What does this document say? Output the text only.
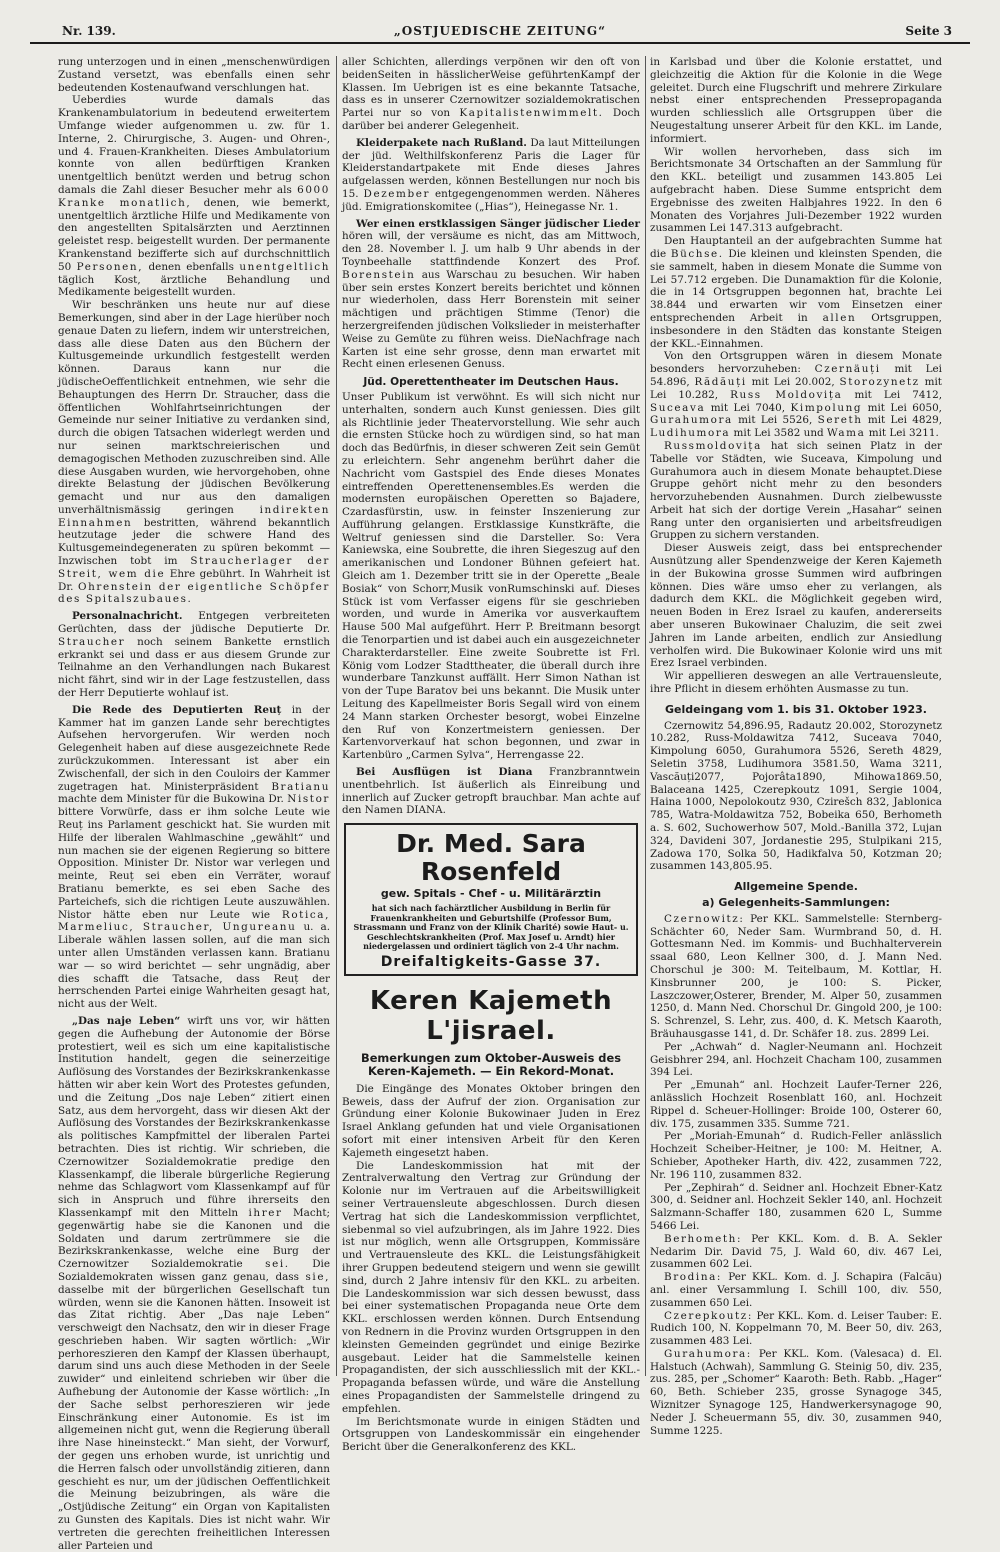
Nr. 139.	„OSTJUEDISCHE ZEITUNG“	Seite 3

rung unterzogen und in einen „menschenwürdigen Zustand versetzt, was ebenfalls einen sehr bedeutenden Kostenaufwand verschlungen hat.

Ueberdies wurde damals das Krankenambulatorium in bedeutend erweitertem Umfange wieder aufgenommen u. zw. für 1. Interne, 2. Chirurgische, 3. Augen- und Ohren-, und 4. Frauen-Krankheiten. Dieses Ambulatorium konnte von allen bedürftigen Kranken unentgeltlich benützt werden und betrug schon damals die Zahl dieser Besucher mehr als 6000 Kranke monatlich, denen, wie bemerkt, unentgeltlich ärztliche Hilfe und Medikamente von den angestellten Spitalsärzten und Aerztinnen geleistet resp. beigestellt wurden. Der permanente Krankenstand bezifferte sich auf durchschnittlich 50 Personen, denen ebenfalls unentgeltlich täglich Kost, ärztliche Behandlung und Medikamente beigestellt wurden.

Wir beschränken uns heute nur auf diese Bemerkungen, sind aber in der Lage hierüber noch genaue Daten zu liefern, indem wir unterstreichen, dass alle diese Daten aus den Büchern der Kultusgemeinde urkundlich festgestellt werden können. Daraus kann nur die jüdischeOeffentlichkeit entnehmen, wie sehr die Behauptungen des Herrn Dr. Straucher, dass die öffentlichen Wohlfahrtseinrichtungen der Gemeinde nur seiner Initiative zu verdanken sind, durch die obigen Tatsachen widerlegt werden und nur seinen marktschreierischen und demagogischen Methoden zuzuschreiben sind. Alle diese Ausgaben wurden, wie hervorgehoben, ohne direkte Belastung der jüdischen Bevölkerung gemacht und nur aus den damaligen unverhältnismässig geringen indirekten Einnahmen bestritten, während bekanntlich heutzutage jeder die schwere Hand des Kultusgemeindegeneraten zu spüren bekommt — Inzwischen tobt im Straucherlager der Streit, wem die Ehre gebührt. In Wahrheit ist Dr. Ohrenstein der eigentliche Schöpfer des Spitalszubaues.

Personalnachricht. Entgegen verbreiteten Gerüchten, dass der jüdische Deputierte Dr. Straucher noch seinem Bankette ernstlich erkrankt sei und dass er aus diesem Grunde zur Teilnahme an den Verhandlungen nach Bukarest nicht fährt, sind wir in der Lage festzustellen, dass der Herr Deputierte wohlauf ist.

Die Rede des Deputierten Reuț in der Kammer hat im ganzen Lande sehr berechtigtes Aufsehen hervorgerufen. Wir werden noch Gelegenheit haben auf diese ausgezeichnete Rede zurückzukommen. Interessant ist aber ein Zwischenfall, der sich in den Couloirs der Kammer zugetragen hat. Ministerpräsident Bratianu machte dem Minister für die Bukowina Dr. Nistor bittere Vorwürfe, dass er ihm solche Leute wie Reuț ins Parlament geschickt hat. Sie wurden mit Hilfe der liberalen Wahlmaschine „gewählt“ und nun machen sie der eigenen Regierung so bittere Opposition. Minister Dr. Nistor war verlegen und meinte, Reuț sei eben ein Verräter, worauf Bratianu bemerkte, es sei eben Sache des Parteichefs, sich die richtigen Leute auszuwählen. Nistor hätte eben nur Leute wie Rotica, Marmeliuc, Straucher, Ungureanu u. a. Liberale wählen lassen sollen, auf die man sich unter allen Umständen verlassen kann. Bratianu war — so wird berichtet — sehr ungnädig, aber dies schafft die Tatsache, dass Reuț der herrschenden Partei einige Wahrheiten gesagt hat, nicht aus der Welt.

„Das naje Leben“ wirft uns vor, wir hätten gegen die Aufhebung der Autonomie der Börse protestiert, weil es sich um eine kapitalistische Institution handelt, gegen die seinerzeitige Auflösung des Vorstandes der Bezirkskrankenkasse hätten wir aber kein Wort des Protestes gefunden, und die Zeitung „Dos naje Leben“ zitiert einen Satz, aus dem hervorgeht, dass wir diesen Akt der Auflösung des Vorstandes der Bezirkskrankenkasse als politisches Kampfmittel der liberalen Partei betrachten. Dies ist richtig. Wir schrieben, die Czernowitzer Sozialdemokratie predige den Klassenkampf, die liberale bürgerliche Regierung nehme das Schlagwort vom Klassenkampf auf für sich in Anspruch und führe ihrerseits den Klassenkampf mit den Mitteln ihrer Macht; gegenwärtig habe sie die Kanonen und die Soldaten und darum zertrümmere sie die Bezirkskrankenkasse, welche eine Burg der Czernowitzer Sozialdemokratie sei. Die Sozialdemokraten wissen ganz genau, dass sie, dasselbe mit der bürgerlichen Gesellschaft tun würden, wenn sie die Kanonen hätten. Insoweit ist das Zitat richtig. Aber „Das naje Leben“ verschweigt den Nachsatz, den wir in dieser Frage geschrieben haben. Wir sagten wörtlich: „Wir perhoreszieren den Kampf der Klassen überhaupt, darum sind uns auch diese Methoden in der Seele zuwider“ und einleitend schrieben wir über die Aufhebung der Autonomie der Kasse wörtlich: „In der Sache selbst perhoreszieren wir jede Einschränkung einer Autonomie. Es ist im allgemeinen nicht gut, wenn die Regierung überall ihre Nase hineinsteckt.“ Man sieht, der Vorwurf, der gegen uns erhoben wurde, ist unrichtig und die Herren falsch oder unvollständig zitieren, dann geschieht es nur, um der jüdischen Oeffentlichkeit die Meinung beizubringen, als wäre die „Ostjüdische Zeitung“ ein Organ von Kapitalisten zu Gunsten des Kapitals. Dies ist nicht wahr. Wir vertreten die gerechten freiheitlichen Interessen aller Parteien und

aller Schichten, allerdings verpönen wir den oft von beidenSeiten in hässlicherWeise geführtenKampf der Klassen. Im Uebrigen ist es eine bekannte Tatsache, dass es in unserer Czernowitzer sozialdemokratischen Partei nur so von Kapitalistenwimmelt. Doch darüber bei anderer Gelegenheit.

Kleiderpakete nach Rußland. Da laut Mitteilungen der jüd. Welthilfskonferenz Paris die Lager für Kleiderstandartpakete mit Ende dieses Jahres aufgelassen werden, können Bestellungen nur noch bis 15. Dezember entgegengenommen werden. Näheres jüd. Emigrationskomitee („Hias“), Heinegasse Nr. 1.

Wer einen erstklassigen Sänger jüdischer Lieder hören will, der versäume es nicht, das am Mittwoch, den 28. November l. J. um halb 9 Uhr abends in der Toynbeehalle stattfindende Konzert des Prof. Borenstein aus Warschau zu besuchen. Wir haben über sein erstes Konzert bereits berichtet und können nur wiederholen, dass Herr Borenstein mit seiner mächtigen und prächtigen Stimme (Tenor) die herzergreifenden jüdischen Volkslieder in meisterhafter Weise zu Gemüte zu führen weiss. DieNachfrage nach Karten ist eine sehr grosse, denn man erwartet mit Recht einen erlesenen Genuss.

Jüd. Operettentheater im Deutschen Haus.

Unser Publikum ist verwöhnt. Es will sich nicht nur unterhalten, sondern auch Kunst geniessen. Dies gilt als Richtlinie jeder Theatervorstellung. Wie sehr auch die ernsten Stücke hoch zu würdigen sind, so hat man doch das Bedürfnis, in dieser schweren Zeit sein Gemüt zu erleichtern. Sehr angenehm berührt daher die Nachricht vom Gastspiel des Ende dieses Monates eintreffenden Operettenensembles.Es werden die modernsten europäischen Operetten so Bajadere, Czardasfürstin, usw. in feinster Inszenierung zur Aufführung gelangen. Erstklassige Kunstkräfte, die Weltruf geniessen sind die Darsteller. So: Vera Kaniewska, eine Soubrette, die ihren Siegeszug auf den amerikanischen und Londoner Bühnen gefeiert hat. Gleich am 1. Dezember tritt sie in der Operette „Beale Bosiak“ von Schorr,Musik vonRumschinski auf. Dieses Stück ist vom Verfasser eigens für sie geschrieben worden, und wurde in Amerika vor ausverkauftem Hause 500 Mal aufgeführt. Herr P. Breitmann besorgt die Tenorpartien und ist dabei auch ein ausgezeichneter Charakterdarsteller. Eine zweite Soubrette ist Frl. König vom Lodzer Stadttheater, die überall durch ihre wunderbare Tanzkunst auffällt. Herr Simon Nathan ist von der Tupe Baratov bei uns bekannt. Die Musik unter Leitung des Kapellmeister Boris Segall wird von einem 24 Mann starken Orchester besorgt, wobei Einzelne den Ruf von Konzertmeistern geniessen. Der Kartenvorverkauf hat schon begonnen, und zwar in Kartenbüro „Carmen Sylva“, Herrengasse 22.

Bei Ausflügen ist Diana Franzbranntwein unentbehrlich. Ist äußerlich als Einreibung und innerlich auf Zucker getropft brauchbar. Man achte auf den Namen DIANA.

Dr. Med. Sara Rosenfeld
gew. Spitals - Chef - u. Militärärztin
hat sich nach fachärztlicher Ausbildung in Berlin für Frauenkrankheiten und Geburtshilfe (Professor Bum, Strassmann und Franz von der Klinik Charité) sowie Haut- u. Geschlechtskrankheiten (Prof. Max Josef u. Arndt) hier niedergelassen und ordiniert täglich von 2-4 Uhr nachm.
Dreifaltigkeits-Gasse 37.
Keren Kajemeth L'jisrael.
Bemerkungen zum Oktober-Ausweis des
Keren-Kajemeth. — Ein Rekord-Monat.

Die Eingänge des Monates Oktober bringen den Beweis, dass der Aufruf der zion. Organisation zur Gründung einer Kolonie Bukowinaer Juden in Erez Israel Anklang gefunden hat und viele Organisationen sofort mit einer intensiven Arbeit für den Keren Kajemeth eingesetzt haben.

Die Landeskommission hat mit der Zentralverwaltung den Vertrag zur Gründung der Kolonie nur im Vertrauen auf die Arbeitswilligkeit seiner Vertrauensleute abgeschlossen. Durch diesen Vertrag hat sich die Landeskommission verpflichtet, siebenmal so viel aufzubringen, als im Jahre 1922. Dies ist nur möglich, wenn alle Ortsgruppen, Kommissäre und Vertrauensleute des KKL. die Leistungsfähigkeit ihrer Gruppen bedeutend steigern und wenn sie gewillt sind, durch 2 Jahre intensiv für den KKL. zu arbeiten. Die Landeskommission war sich dessen bewusst, dass bei einer systematischen Propaganda neue Orte dem KKL. erschlossen werden können. Durch Entsendung von Rednern in die Provinz wurden Ortsgruppen in den kleinsten Gemeinden gegründet und einige Bezirke ausgebaut. Leider hat die Sammelstelle keinen Propagandisten, der sich ausschliesslich mit der KKL.-Propaganda befassen würde, und wäre die Anstellung eines Propagandisten der Sammelstelle dringend zu empfehlen.

Im Berichtsmonate wurde in einigen Städten und Ortsgruppen von Landeskommissär ein eingehender Bericht über die Generalkonferenz des KKL.

in Karlsbad und über die Kolonie erstattet, und gleichzeitig die Aktion für die Kolonie in die Wege geleitet. Durch eine Flugschrift und mehrere Zirkulare nebst einer entsprechenden Presseproрaganda wurden schliesslich alle Ortsgruppen über die Neugestaltung unserer Arbeit für den KKL. im Lande, informiert.

Wir wollen hervorheben, dass sich im Berichtsmonate 34 Ortschaften an der Sammlung für den KKL. beteiligt und zusammen 143.805 Lei aufgebracht haben. Diese Summe entspricht dem Ergebnisse des zweiten Halbjahres 1922. In den 6 Monaten des Vorjahres Juli-Dezember 1922 wurden zusammen Lei 147.313 aufgebracht.

Den Hauptanteil an der aufgebrachten Summe hat die Büchse. Die kleinen und kleinsten Spenden, die sie sammelt, haben in diesem Monate die Summe von Lei 57.712 ergeben. Die Dunamaktion für die Kolonie, die in 14 Ortsgruppen begonnen hat, brachte Lei 38.844 und erwarten wir vom Einsetzen einer entsprechenden Arbeit in allen Ortsgruppen, insbesondere in den Städten das konstante Steigen der KKL.-Einnahmen.

Von den Ortsgruppen wären in diesem Monate besonders hervorzuheben: Czernäuți mit Lei 54.896, Rădăuți mit Lei 20.002, Storozynetz mit Lei 10.282, Russ Moldovița mit Lei 7412, Suceava mit Lei 7040, Kimpolung mit Lei 6050, Gurahumora mit Lei 5526, Sereth mit Lei 4829, Ludihumora mit Lei 3582 und Wama mit Lei 3211.

Russmoldovița hat sich seinen Platz in der Tabelle vor Städten, wie Suceava, Kimpolung und Gurahumora auch in diesem Monate behauptet.Diese Gruppe gehört nicht mehr zu den besonders hervorzuhebenden Ausnahmen. Durch zielbewusste Arbeit hat sich der dortige Verein „Hasahar“ seinen Rang unter den organisierten und arbeitsfreudigen Gruppen zu sichern verstanden.

Dieser Ausweis zeigt, dass bei entsprechender Ausnützung aller Spendenzweige der Keren Kajemeth in der Bukowina grosse Summen wird aufbringen können. Dies wäre umso eher zu verlangen, als dadurch dem KKL. die Möglichkeit gegeben wird, neuen Boden in Erez Israel zu kaufen, andererseits aber unseren Bukowinaer Chaluzim, die seit zwei Jahren im Lande arbeiten, endlich zur Ansiedlung verholfen wird. Die Bukowinaer Kolonie wird uns mit Erez Israel verbinden.

Wir appellieren deswegen an alle Vertrauensleute, ihre Pflicht in diesem erhöhten Ausmasse zu tun.

Geldeingang vom 1. bis 31. Oktober 1923.

Czernowitz 54,896.95, Radautz 20.002, Storozynetz 10.282, Russ-Moldawitza 7412, Suceava 7040, Kimpolung 6050, Gurahumora 5526, Sereth 4829, Seletin 3758, Ludihumora 3581.50, Wama 3211, Vascăuți2077, Pojorâta1890, Mihowa1869.50, Balaceana 1425, Czerepkoutz 1091, Sergie 1004, Haina 1000, Nepolokoutz 930, Czirešch 832, Jablonica 785, Watra-Moldawitza 752, Bobeika 650, Berhometh a. S. 602, Suchowerhow 507, Mold.-Banilla 372, Lujan 324, Davideni 307, Jordanestie 295, Stulpikani 215, Zadowa 170, Solka 50, Hadikfalva 50, Kotzman 20; zusammen 143,805.95.

Allgemeine Spende.
a) Gelegenheits-Sammlungen:

Czernowitz: Per KKL. Sammelstelle: Sternberg-Schächter 60, Neder Sam. Wurmbrand 50, d. H. Gottesmann Ned. im Kommis- und Buchhalterverein ssaal 680, Leon Kellner 300, d. J. Mann Ned. Chorschul je 300: M. Teitelbaum, M. Kottlar, H. Kinsbrunner 200, je 100: S. Picker, Laszczower,Osterer, Brender, M. Alper 50, zusammen 1250, d. Mann Ned. Chorschul Dr. Gingold 200, je 100: S. Schrenzel, S. Lehr, zus. 400, d. K. Metsch Kaaroth, Bräuhausgasse 141, d. Dr. Schäfer 18. zus. 2899 Lei.

Per „Achwah“ d. Nagler-Neumann anl. Hochzeit Geisbhrer 294, anl. Hochzeit Chacham 100, zusammen 394 Lei.

Per „Emunah“ anl. Hochzeit Laufer-Terner 226, anlässlich Hochzeit Rosenblatt 160, anl. Hochzeit Rippel d. Scheuer-Hollinger: Broide 100, Osterer 60, div. 175, zusammen 335. Summe 721.

Per „Moriah-Emunah“ d. Rudich-Feller anlässlich Hochzeit Scheiber-Heitner, je 100: M. Heitner, A. Schieber, Apotheker Harth, div. 422, zusammen 722, Nr. 196 110, zusammen 832.

Per „Zephirah“ d. Seidner anl. Hochzeit Ebner-Katz 300, d. Seidner anl. Hochzeit Sekler 140, anl. Hochzeit Salzmann-Schaffer 180, zusammen 620 L, Summe 5466 Lei.

Berhometh: Per KKL. Kom. d. B. A. Sekler Nedarim Dir. David 75, J. Wald 60, div. 467 Lei, zusammen 602 Lei.

Brodina: Per KKL. Kom. d. J. Schapira (Falcău) anl. einer Versammlung I. Schill 100, div. 550, zusammen 650 Lei.

Czerepkoutz: Per KKL. Kom. d. Leiser Tauber: E. Rudich 100, N. Koppelmann 70, M. Beer 50, div. 263, zusammen 483 Lei.

Gurahumora: Per KKL. Kom. (Valesaca) d. El. Halstuch (Achwah), Sammlung G. Steinig 50, div. 235, zus. 285, per „Schomer“ Kaaroth: Beth. Rabb. „Hager“ 60, Beth. Schieber 235, grosse Synagoge 345, Wiznitzer Synagoge 125, Handwerkersynagoge 90, Neder J. Scheuermann 55, div. 30, zusammen 940, Summe 1225.
